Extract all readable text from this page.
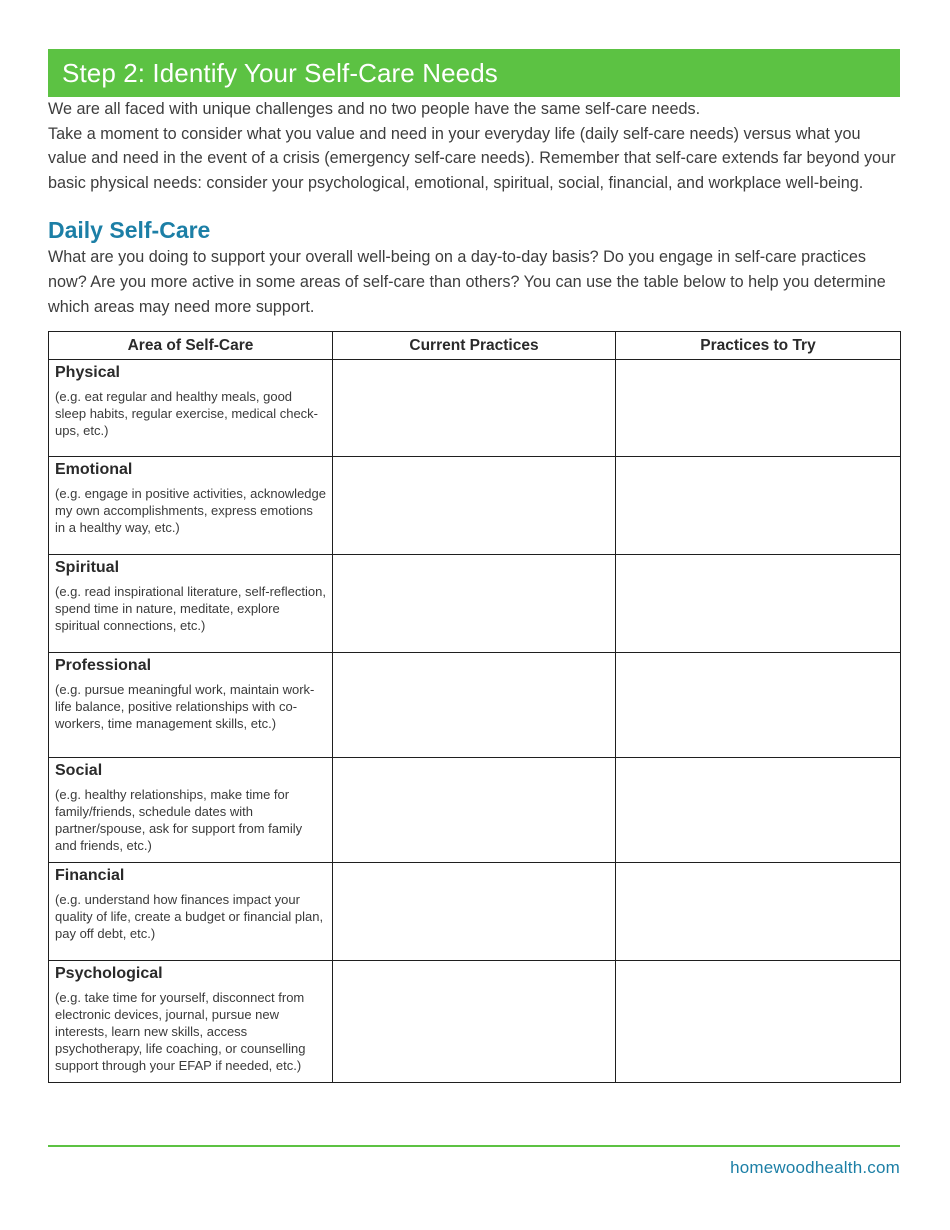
Step 2: Identify Your Self-Care Needs

We are all faced with unique challenges and no two people have the same self-care needs.

Take a moment to consider what you value and need in your everyday life (daily self-care needs) versus what you value and need in the event of a crisis (emergency self-care needs). Remember that self-care extends far beyond your basic physical needs: consider your psychological, emotional, spiritual, social, financial, and workplace well-being.

Daily Self-Care

What are you doing to support your overall well-being on a day-to-day basis? Do you engage in self-care practices now? Are you more active in some areas of self-care than others? You can use the table below to help you determine which areas may need more support.

Area of Self-Care	Current Practices	Practices to Try

Physical
(e.g. eat regular and healthy meals, good sleep habits, regular exercise, medical check-ups, etc.)		

Emotional
(e.g. engage in positive activities, acknowledge my own accomplishments, express emotions in a healthy way, etc.)		

Spiritual
(e.g. read inspirational literature, self-reflection, spend time in nature, meditate, explore spiritual connections, etc.)		

Professional
(e.g. pursue meaningful work, maintain work-life balance, positive relationships with co-workers, time management skills, etc.)		

Social
(e.g. healthy relationships, make time for family/friends, schedule dates with partner/spouse, ask for support from family and friends, etc.)		

Financial
(e.g. understand how finances impact your quality of life, create a budget or financial plan, pay off debt, etc.)		

Psychological
(e.g. take time for yourself, disconnect from electronic devices, journal, pursue new interests, learn new skills, access psychotherapy, life coaching, or counselling support through your EFAP if needed, etc.)		

homewoodhealth.com
